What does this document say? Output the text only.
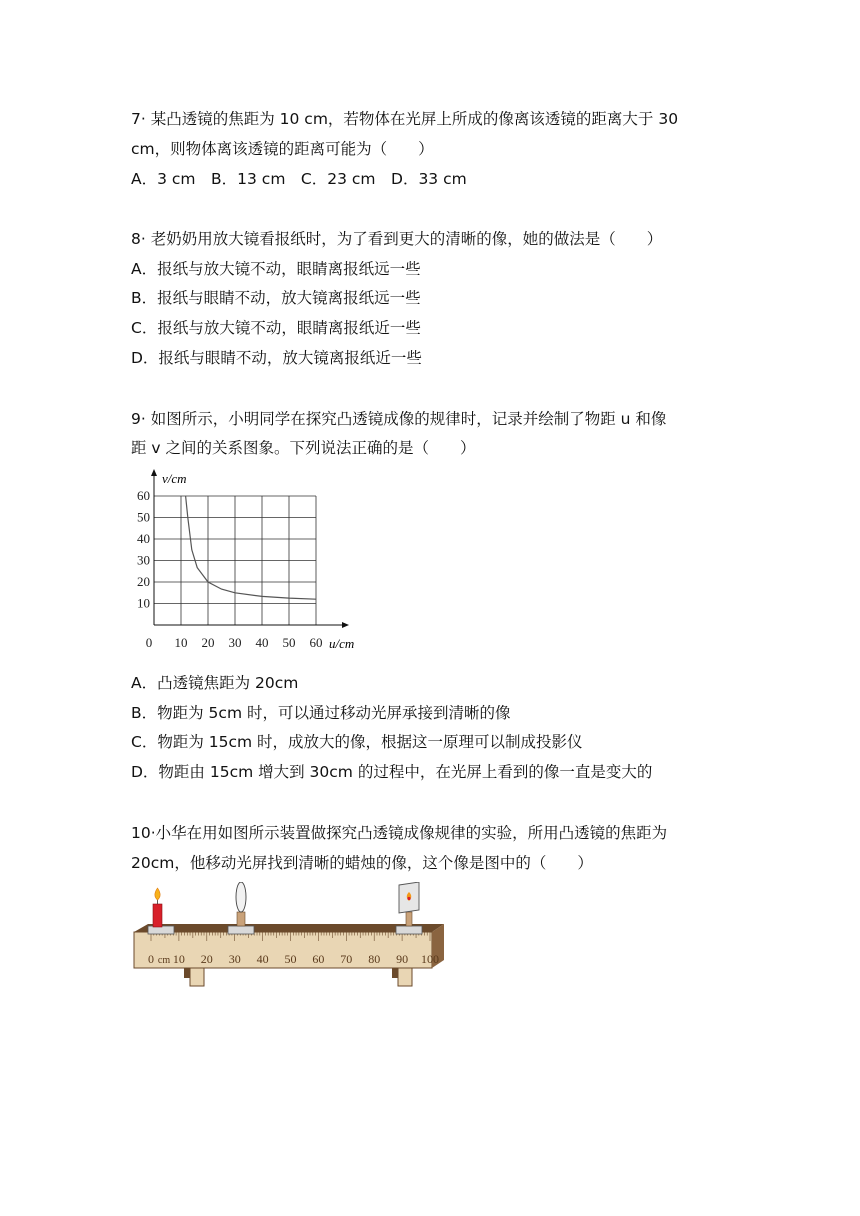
7· 某凸透镜的焦距为 10 cm，若物体在光屏上所成的像离该透镜的距离大于 30
cm，则物体离该透镜的距离可能为（　　）
A．3 cm　B．13 cm　C．23 cm　D．33 cm
8· 老奶奶用放大镜看报纸时，为了看到更大的清晰的像，她的做法是（　　）
A．报纸与放大镜不动，眼睛离报纸远一些
B．报纸与眼睛不动，放大镜离报纸远一些
C．报纸与放大镜不动，眼睛离报纸近一些
D．报纸与眼睛不动，放大镜离报纸近一些
9· 如图所示，小明同学在探究凸透镜成像的规律时，记录并绘制了物距 u 和像
距 v 之间的关系图象。下列说法正确的是（　　）
0 10 20 30 40 50 60
10
20
30
40
50
60
v/cm
u/cm
A．凸透镜焦距为 20cm
B．物距为 5cm 时，可以通过移动光屏承接到清晰的像
C．物距为 15cm 时，成放大的像，根据这一原理可以制成投影仪
D．物距由 15cm 增大到 30cm 的过程中，在光屏上看到的像一直是变大的
10·小华在用如图所示装置做探究凸透镜成像规律的实验，所用凸透镜的焦距为
20cm，他移动光屏找到清晰的蜡烛的像，这个像是图中的（　　）
0 10 20 30 40 50 60 70 80 90 100
cm
